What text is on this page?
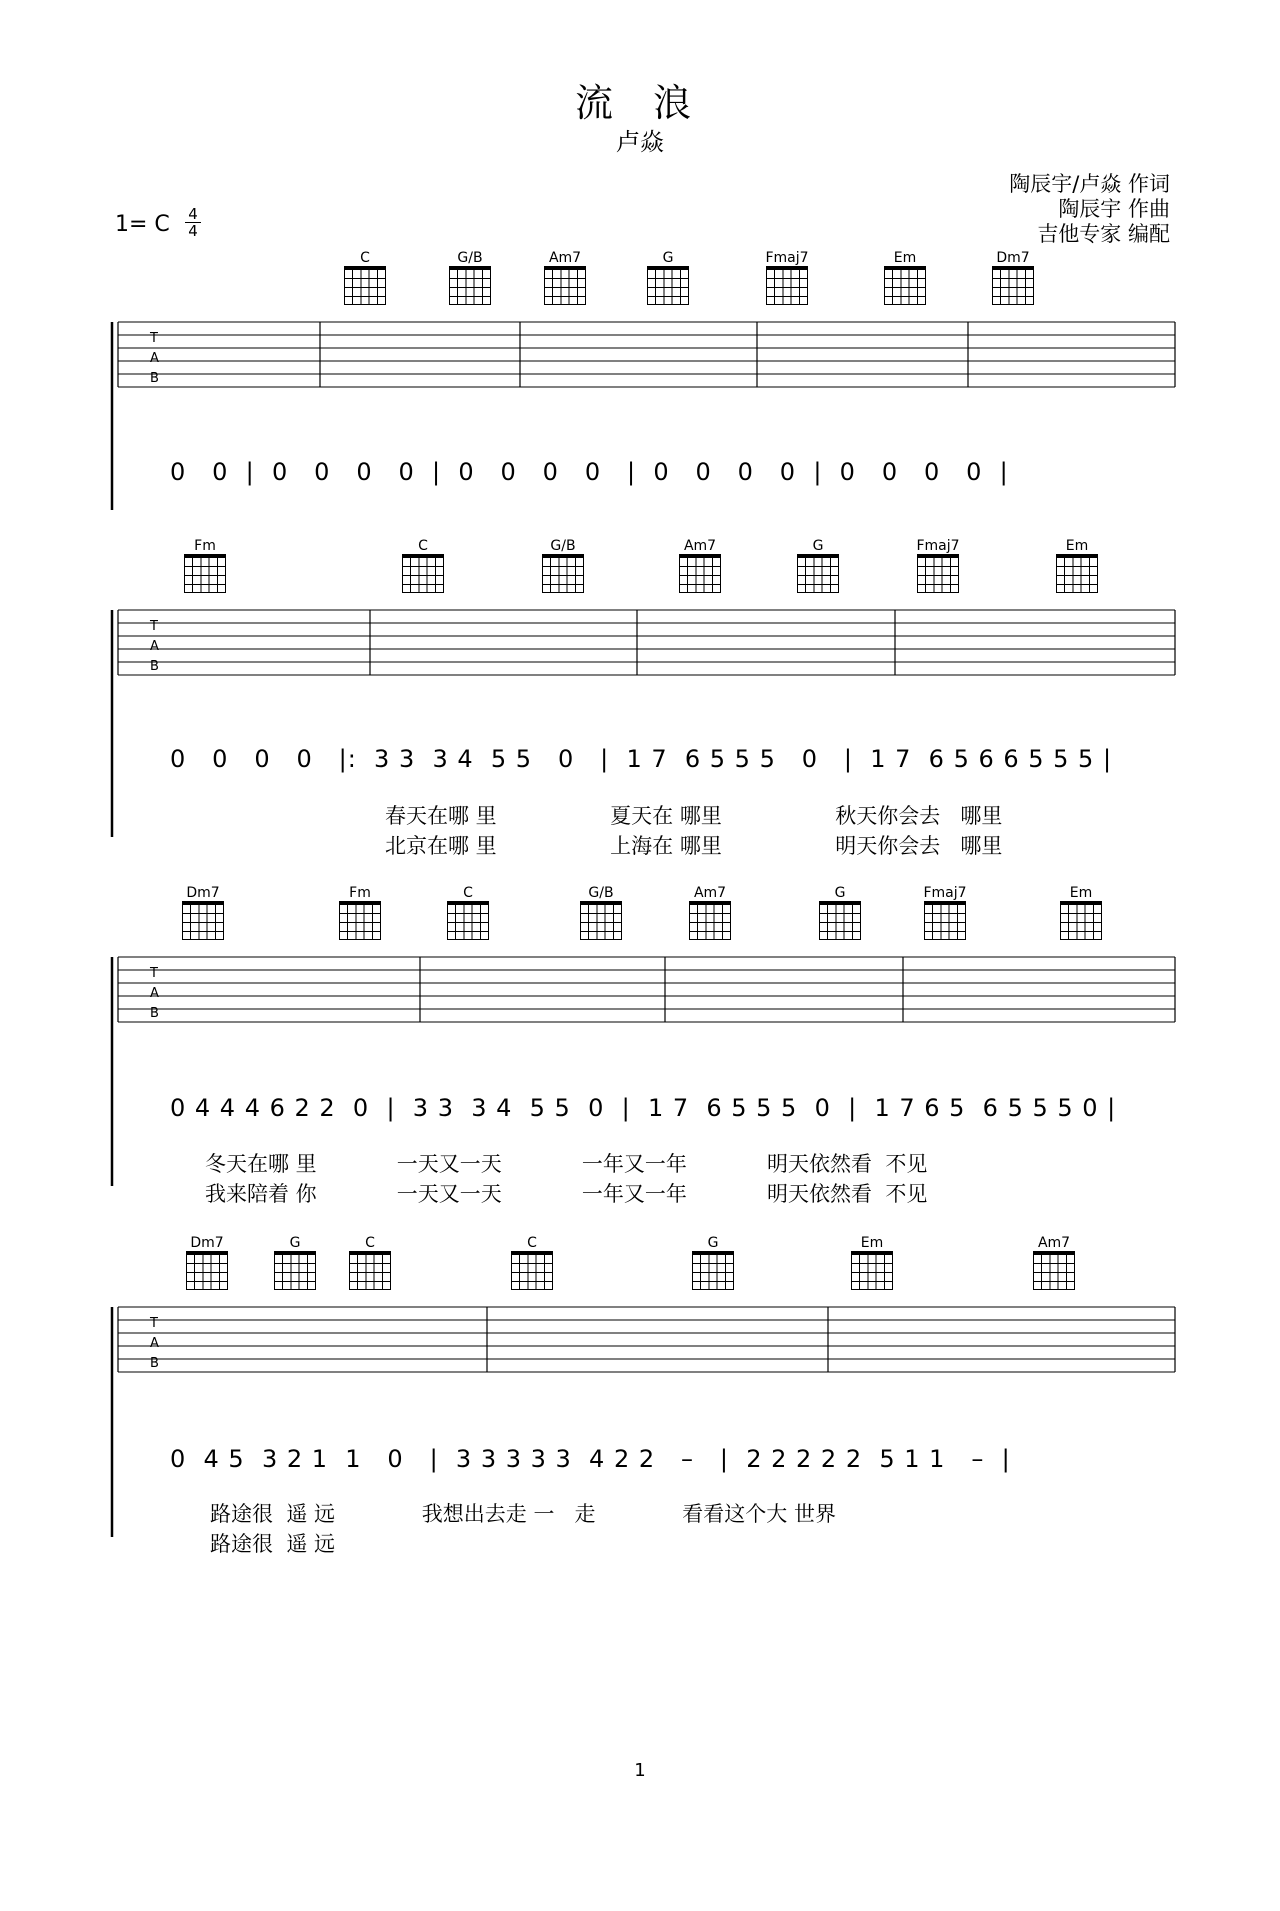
流 浪
卢焱
陶辰宇/卢焱 作词
陶辰宇 作曲
吉他专家 编配
1= C	4
4
T
A
B
T
A
B
T
A
B
T
A
B
C	G/B	Am7	G	Fmaj7	Em	Dm7
0   0  |  0   0   0   0  |  0   0   0   0   |  0   0   0   0  |  0   0   0   0  |
Fm	C	G/B	Am7	G	Fmaj7	Em
0   0   0   0   |:  3 3  3 4  5 5   0   |  1 7  6 5 5 5   0   |  1 7  6 5 6 6 5 5 5 |
春天在哪 里                 夏天在 哪里                 秋天你会去   哪里
北京在哪 里                 上海在 哪里                 明天你会去   哪里
Dm7	Fm	C	G/B	Am7	G	Fmaj7	Em
0 4 4 4 6 2 2  0  |  3 3  3 4  5 5  0  |  1 7  6 5 5 5  0  |  1 7 6 5  6 5 5 5 0 |
冬天在哪 里            一天又一天            一年又一年            明天依然看  不见
我来陪着 你            一天又一天            一年又一年            明天依然看  不见
Dm7	G	C	C	G	Em	Am7
0  4 5  3 2 1  1   0   |  3 3 3 3 3  4 2 2   –   |  2 2 2 2 2  5 1 1   –  |
路途很  遥 远             我想出去走 一   走             看看这个大 世界
路途很  遥 远
1
